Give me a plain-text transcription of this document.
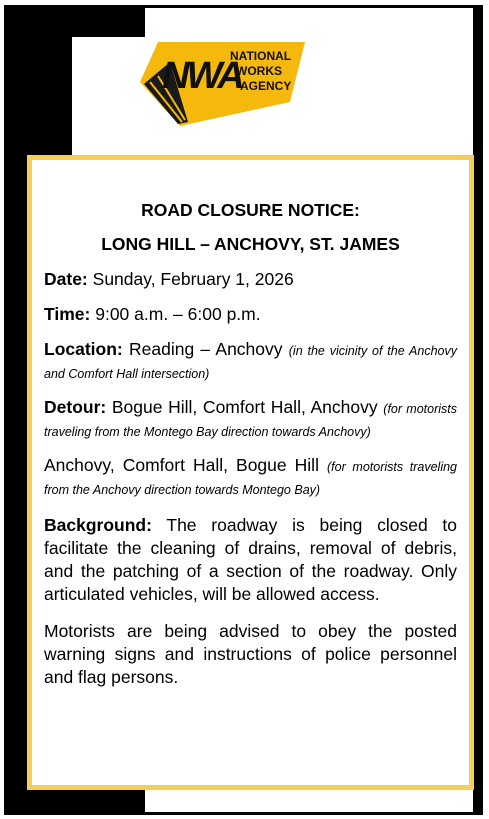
NWA
NATIONAL
WORKS
AGENCY
ROAD CLOSURE NOTICE:
LONG HILL – ANCHOVY, ST. JAMES

Date: Sunday, February 1, 2026

Time: 9:00 a.m. – 6:00 p.m.

Location: Reading – Anchovy (in the vicinity of the Anchovy and Comfort Hall intersection)

Detour: Bogue Hill, Comfort Hall, Anchovy (for motorists traveling from the Montego Bay direction towards Anchovy)

Anchovy, Comfort Hall, Bogue Hill (for motorists traveling from the Anchovy direction towards Montego Bay)

Background: The roadway is being closed to facilitate the cleaning of drains, removal of debris, and the patching of a section of the roadway. Only articulated vehicles, will be allowed access.

Motorists are being advised to obey the posted warning signs and instructions of police personnel and flag persons.
